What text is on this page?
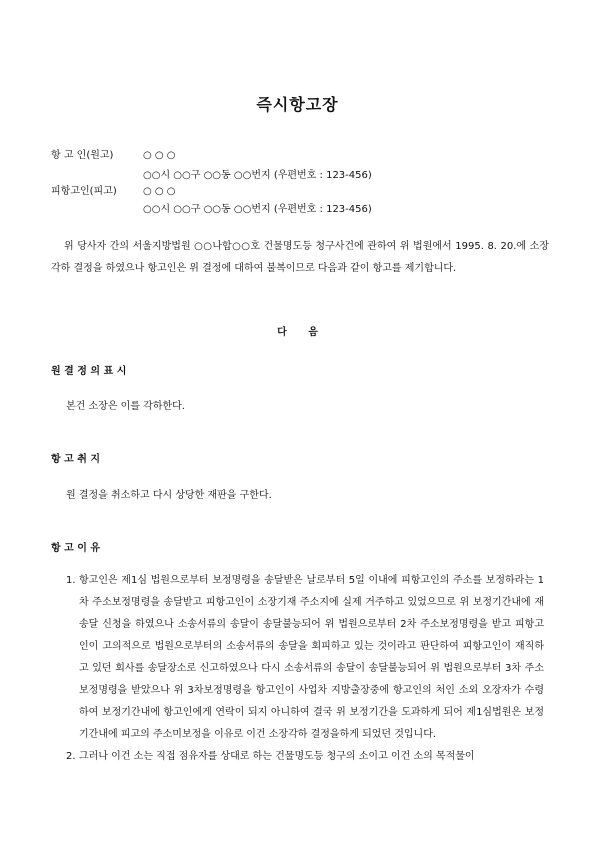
즉시항고장
항 고 인(원고)	○ ○ ○
○○시 ○○구 ○○동 ○○번지 (우편번호 : 123-456)
피항고인(피고)	○ ○ ○
○○시 ○○구 ○○동 ○○번지 (우편번호 : 123-456)

위 당사자 간의 서울지방법원 ○○나합○○호 건물명도등 청구사건에 관하여 위 법원에서 1995. 8. 20.에 소장각하 결정을 하였으나 항고인은 위 결정에 대하여 불복이므로 다음과 같이 항고를 제기합니다.

다 음
원 결 정 의 표 시
본건 소장은 이를 각하한다.
항 고 취 지
원 결정을 취소하고 다시 상당한 재판을 구한다.
항 고 이 유
1. 항고인은 제1심 법원으로부터 보정명령을 송달받은 날로부터 5일 이내에 피항고인의 주소를 보정하라는 1차 주소보정명령을 송달받고 피항고인이 소장기재 주소지에 실제 거주하고 있었으므로 위 보정기간내에 재송달 신청을 하였으나 소송서류의 송달이 송달불능되어 위 법원으로부터 2차 주소보정명령을 받고 피항고인이 고의적으로 법원으로부터의 소송서류의 송달을 회피하고 있는 것이라고 판단하여 피항고인이 재직하고 있던 회사를 송달장소로 신고하였으나 다시 소송서류의 송달이 송달불능되어 위 법원으로부터 3차 주소보정명령을 받았으나 위 3차보정명령을 항고인이 사업차 지방출장중에 항고인의 처인 소외 오장자가 수령하여 보정기간내에 항고인에게 연락이 되지 아니하여 결국 위 보정기간을 도과하게 되어 제1심법원은 보정기간내에 피고의 주소미보정을 이유로 이건 소장각하 결정을하게 되었던 것입니다.
2. 그러나 이건 소는 직접 점유자를 상대로 하는 건물명도등 청구의 소이고 이건 소의 목적물이
